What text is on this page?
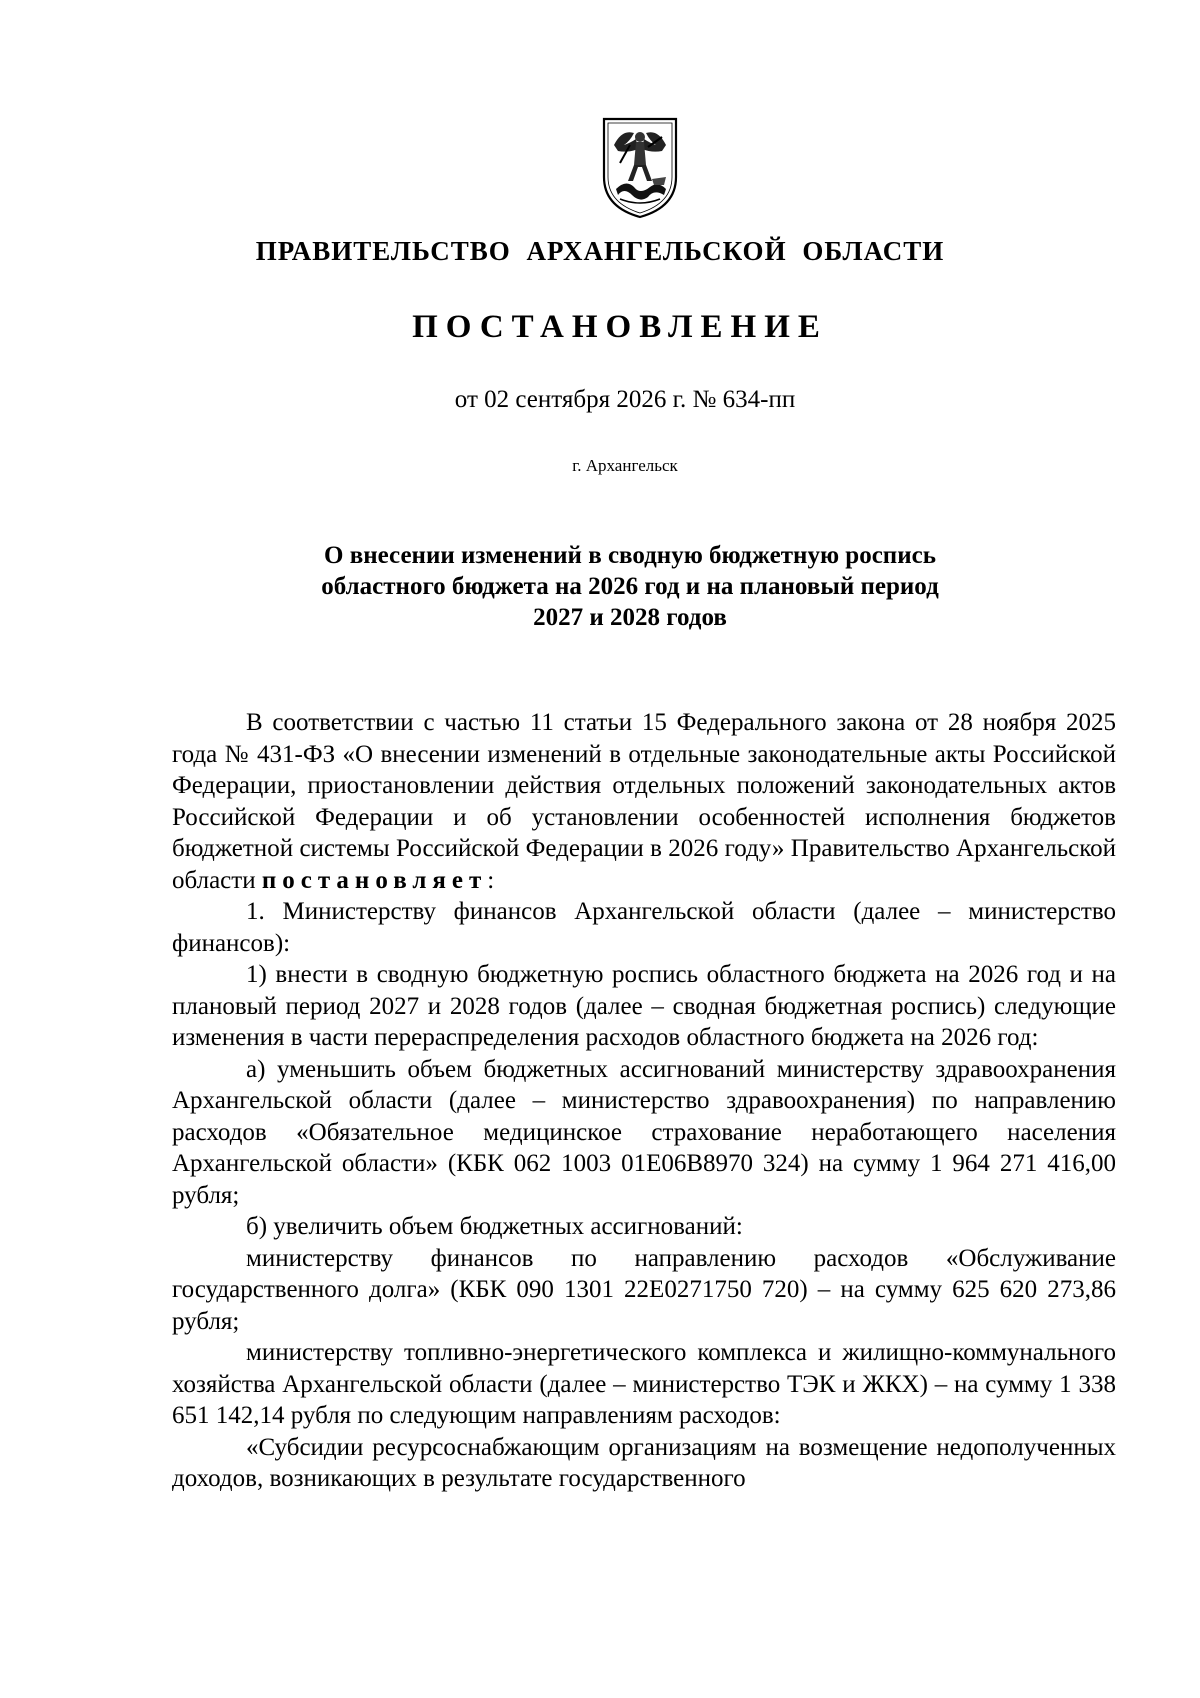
ПРАВИТЕЛЬСТВО АРХАНГЕЛЬСКОЙ ОБЛАСТИ
ПОСТАНОВЛЕНИЕ
от 02 сентября 2026 г. № 634-пп
г. Архангельск
О внесении изменений в сводную бюджетную роспись
областного бюджета на 2026 год и на плановый период
2027 и 2028 годов

В соответствии с частью 11 статьи 15 Федерального закона от 28 ноября 2025 года № 431-ФЗ «О внесении изменений в отдельные законодательные акты Российской Федерации, приостановлении действия отдельных положений законодательных актов Российской Федерации и об установлении особенностей исполнения бюджетов бюджетной системы Российской Федерации в 2026 году» Правительство Архангельской области постановляет:

1. Министерству финансов Архангельской области (далее – министерство финансов):

1) внести в сводную бюджетную роспись областного бюджета на 2026 год и на плановый период 2027 и 2028 годов (далее – сводная бюджетная роспись) следующие изменения в части перераспределения расходов областного бюджета на 2026 год:

а) уменьшить объем бюджетных ассигнований министерству здравоохранения Архангельской области (далее – министерство здравоохранения) по направлению расходов «Обязательное медицинское страхование неработающего населения Архангельской области» (КБК 062 1003 01Е06В8970 324) на сумму 1 964 271 416,00 рубля;

б) увеличить объем бюджетных ассигнований:

министерству финансов по направлению расходов «Обслуживание государственного долга» (КБК 090 1301 22Е0271750 720) – на сумму 625 620 273,86 рубля;

министерству топливно-энергетического комплекса и жилищно-коммунального хозяйства Архангельской области (далее – министерство ТЭК и ЖКХ) – на сумму 1 338 651 142,14 рубля по следующим направлениям расходов:

«Субсидии ресурсоснабжающим организациям на возмещение недополученных доходов, возникающих в результате государственного
